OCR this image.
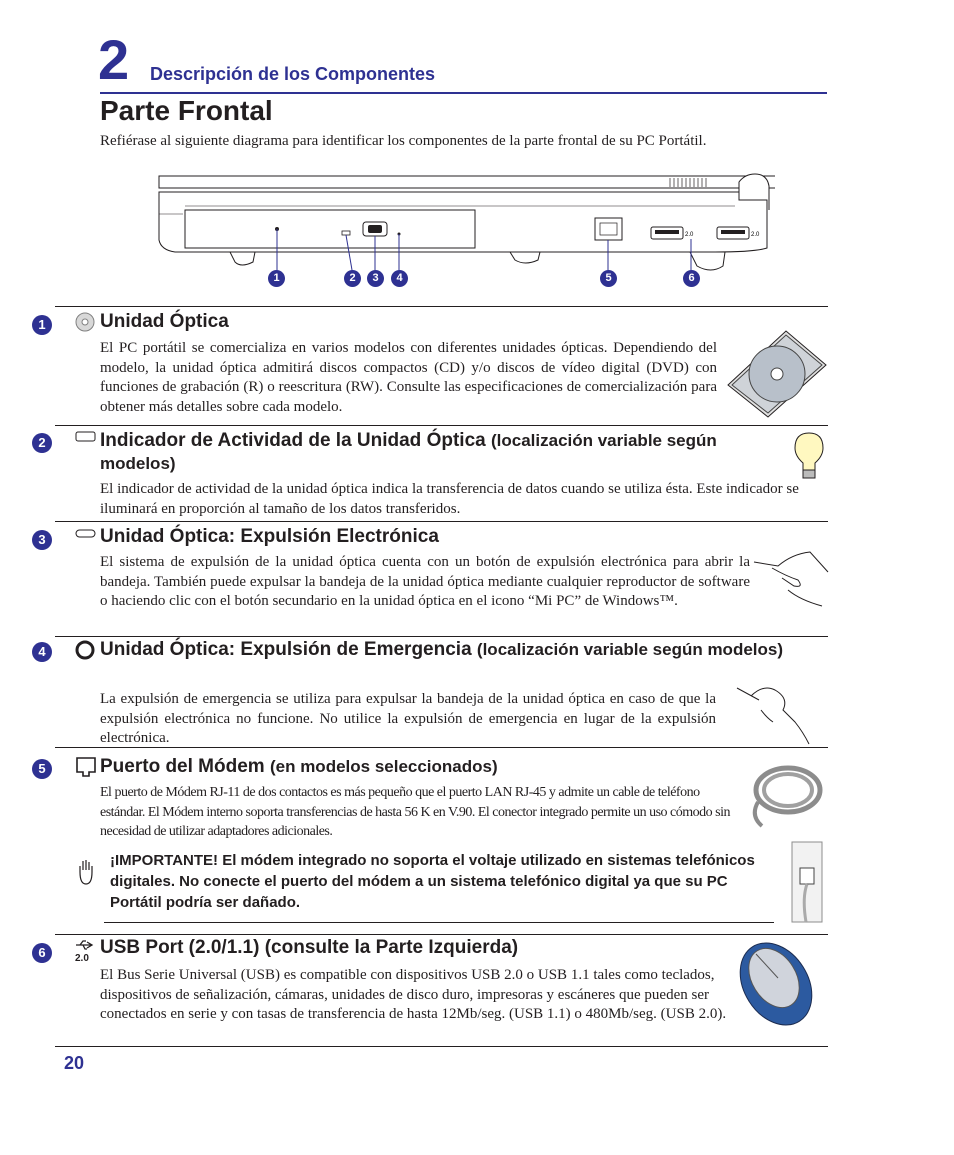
2 Descripción de los Componentes
Parte Frontal
Refiérase al siguiente diagrama para identificar los componentes de la parte frontal de su PC Portátil.
2.0	2.0
1	2	3	4	5	6
1	Unidad Óptica
El PC portátil se comercializa en varios modelos con diferentes unidades ópticas. Dependiendo del modelo, la unidad óptica admitirá discos compactos (CD) y/o discos de vídeo digital (DVD) con funciones de grabación (R) o reescritura (RW). Consulte las especificaciones de comercialización para obtener más detalles sobre cada modelo.
2	Indicador de Actividad de la Unidad Óptica (localización variable según modelos)
El indicador de actividad de la unidad óptica indica la transferencia de datos cuando se utiliza ésta. Este indicador se iluminará en proporción al tamaño de los datos transferidos.
3	Unidad Óptica: Expulsión Electrónica
El sistema de expulsión de la unidad óptica cuenta con un botón de expulsión electrónica para abrir la bandeja. También puede expulsar la bandeja de la unidad óptica mediante cualquier reproductor de software o haciendo clic con el botón secundario en la unidad óptica en el icono “Mi PC” de Windows™.
4	Unidad Óptica: Expulsión de Emergencia (localización variable según modelos)
La expulsión de emergencia se utiliza para expulsar la bandeja de la unidad óptica en caso de que la expulsión electrónica no funcione. No utilice la expulsión de emergencia en lugar de la expulsión electrónica.
5	Puerto del Módem (en modelos seleccionados)
El puerto de Módem RJ-11 de dos contactos es más pequeño que el puerto LAN RJ-45 y admite un cable de teléfono estándar. El Módem interno soporta transferencias de hasta 56 K en V.90. El conector integrado permite un uso cómodo sin necesidad de utilizar adaptadores adicionales.
¡IMPORTANTE! El módem integrado no soporta el voltaje utilizado en sistemas telefónicos digitales. No conecte el puerto del módem a un sistema telefónico digital ya que su PC Portátil podría ser dañado.
6	2.0
USB Port (2.0/1.1) (consulte la Parte Izquierda)
El Bus Serie Universal (USB) es compatible con dispositivos USB 2.0 o USB 1.1 tales como teclados, dispositivos de señalización, cámaras, unidades de disco duro, impresoras y escáneres que pueden ser conectados en serie y con tasas de transferencia de hasta 12Mb/seg. (USB 1.1) o 480Mb/seg. (USB 2.0).
20
